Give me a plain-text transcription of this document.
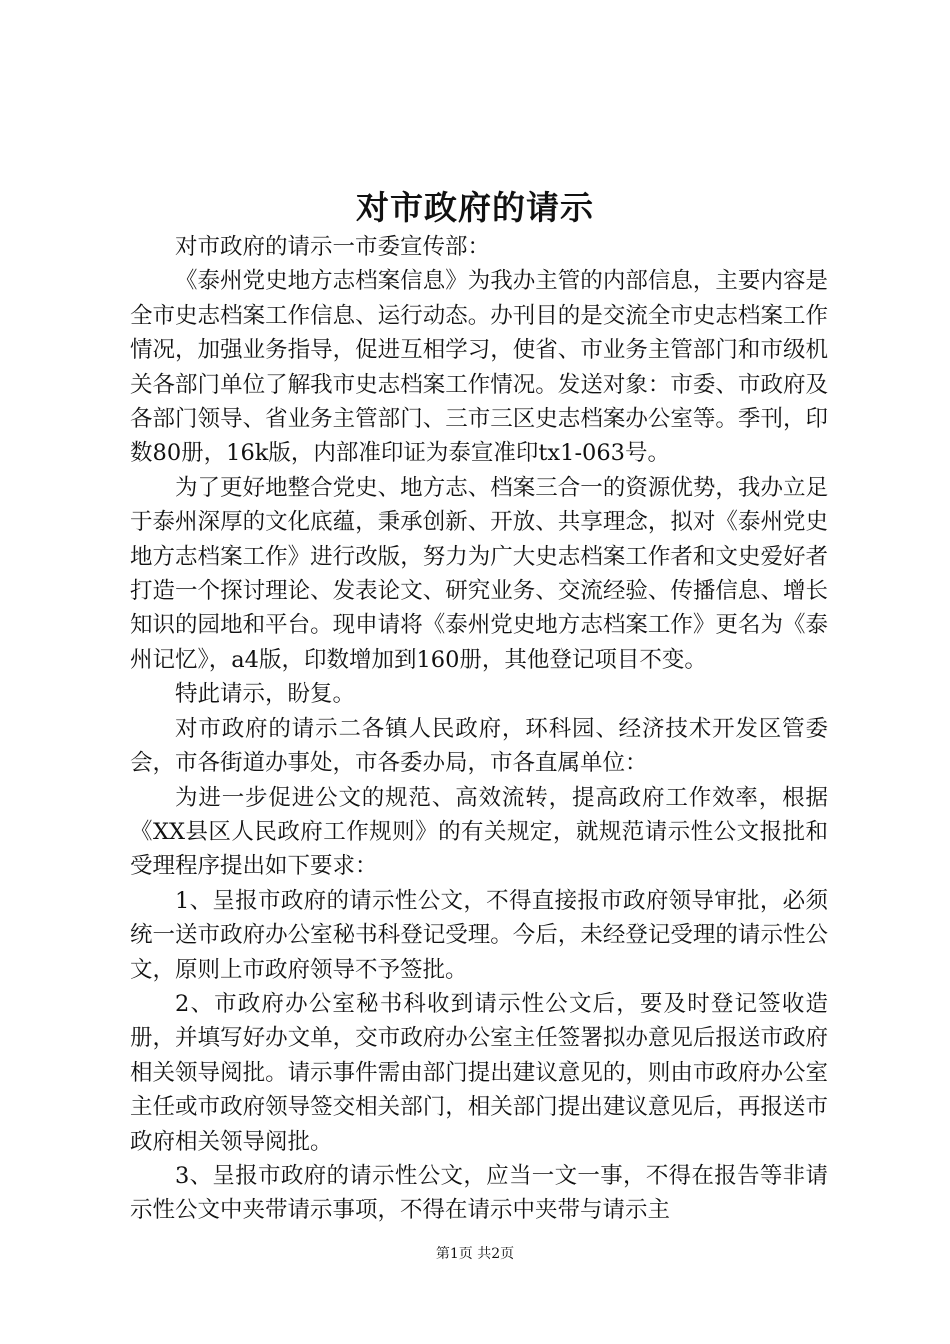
对市政府的请示

对市政府的请示一市委宣传部：

《泰州党史地方志档案信息》为我办主管的内部信息，主要内容是全市史志档案工作信息、运行动态。办刊目的是交流全市史志档案工作情况，加强业务指导，促进互相学习，使省、市业务主管部门和市级机关各部门单位了解我市史志档案工作情况。发送对象：市委、市政府及各部门领导、省业务主管部门、三市三区史志档案办公室等。季刊，印数80册，16k版，内部准印证为泰宣准印tx1-063号。

为了更好地整合党史、地方志、档案三合一的资源优势，我办立足于泰州深厚的文化底蕴，秉承创新、开放、共享理念，拟对《泰州党史地方志档案工作》进行改版，努力为广大史志档案工作者和文史爱好者打造一个探讨理论、发表论文、研究业务、交流经验、传播信息、增长知识的园地和平台。现申请将《泰州党史地方志档案工作》更名为《泰州记忆》，a4版，印数增加到160册，其他登记项目不变。

特此请示，盼复。

对市政府的请示二各镇人民政府，环科园、经济技术开发区管委会，市各街道办事处，市各委办局，市各直属单位：

为进一步促进公文的规范、高效流转，提高政府工作效率，根据《XX县区人民政府工作规则》的有关规定，就规范请示性公文报批和受理程序提出如下要求：

1、呈报市政府的请示性公文，不得直接报市政府领导审批，必须统一送市政府办公室秘书科登记受理。今后，未经登记受理的请示性公文，原则上市政府领导不予签批。

2、市政府办公室秘书科收到请示性公文后，要及时登记签收造册，并填写好办文单，交市政府办公室主任签署拟办意见后报送市政府相关领导阅批。请示事件需由部门提出建议意见的，则由市政府办公室主任或市政府领导签交相关部门，相关部门提出建议意见后，再报送市政府相关领导阅批。

3、呈报市政府的请示性公文，应当一文一事，不得在报告等非请示性公文中夹带请示事项，不得在请示中夹带与请示主

第1页 共2页
